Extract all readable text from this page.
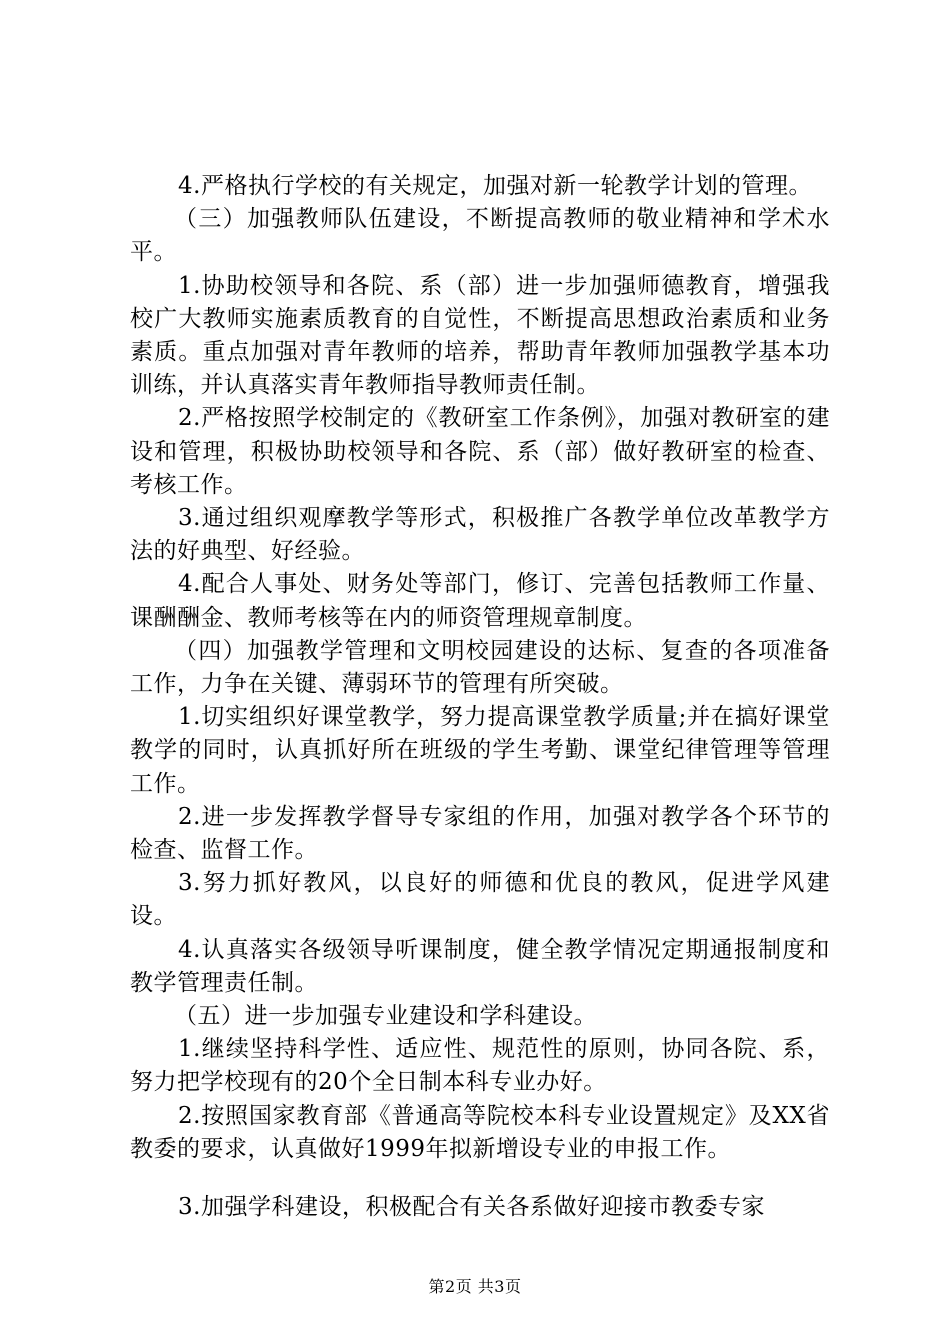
4.严格执行学校的有关规定，加强对新一轮教学计划的管理。

（三）加强教师队伍建设，不断提高教师的敬业精神和学术水平。

1.协助校领导和各院、系（部）进一步加强师德教育，增强我校广大教师实施素质教育的自觉性，不断提高思想政治素质和业务素质。重点加强对青年教师的培养，帮助青年教师加强教学基本功训练，并认真落实青年教师指导教师责任制。

2.严格按照学校制定的《教研室工作条例》，加强对教研室的建设和管理，积极协助校领导和各院、系（部）做好教研室的检查、考核工作。

3.通过组织观摩教学等形式，积极推广各教学单位改革教学方法的好典型、好经验。

4.配合人事处、财务处等部门，修订、完善包括教师工作量、课酬酬金、教师考核等在内的师资管理规章制度。

（四）加强教学管理和文明校园建设的达标、复查的各项准备工作，力争在关键、薄弱环节的管理有所突破。

1.切实组织好课堂教学，努力提高课堂教学质量;并在搞好课堂教学的同时，认真抓好所在班级的学生考勤、课堂纪律管理等管理工作。

2.进一步发挥教学督导专家组的作用，加强对教学各个环节的检查、监督工作。

3.努力抓好教风，以良好的师德和优良的教风，促进学风建设。

4.认真落实各级领导听课制度，健全教学情况定期通报制度和教学管理责任制。

（五）进一步加强专业建设和学科建设。

1.继续坚持科学性、适应性、规范性的原则，协同各院、系，努力把学校现有的20个全日制本科专业办好。

2.按照国家教育部《普通高等院校本科专业设置规定》及XX省教委的要求，认真做好1999年拟新增设专业的申报工作。

3.加强学科建设，积极配合有关各系做好迎接市教委专家

第2页 共3页
